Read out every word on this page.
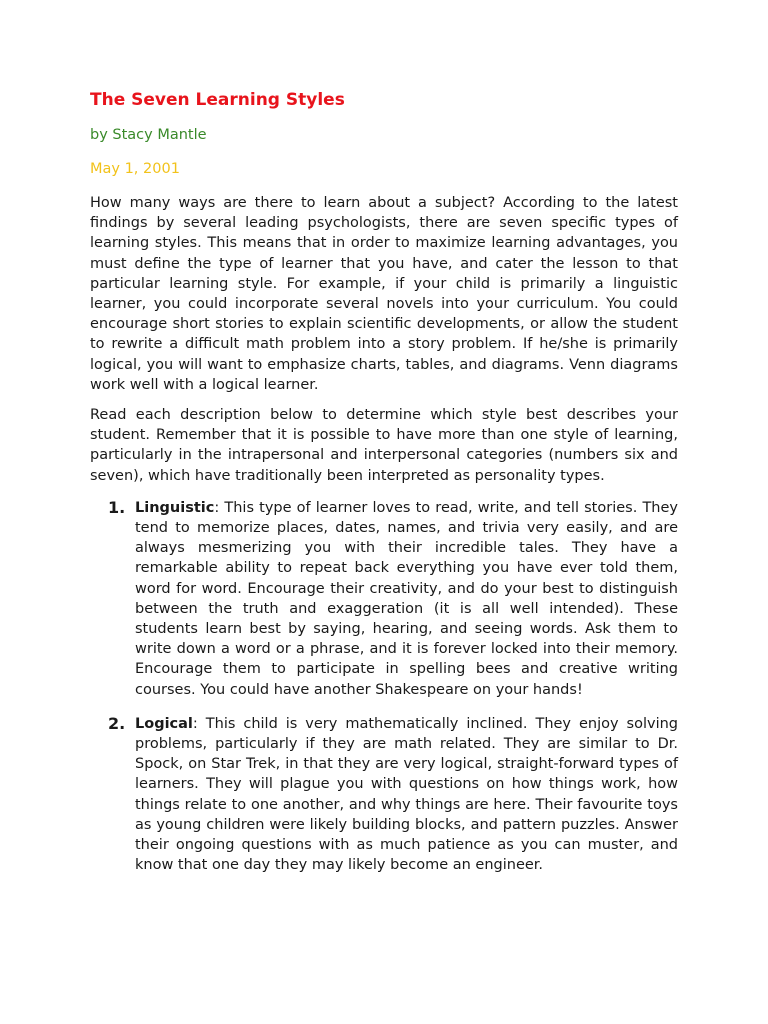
The Seven Learning Styles
by Stacy Mantle
May 1, 2001

How many ways are there to learn about a subject? According to the latest findings by several leading psychologists, there are seven specific types of learning styles. This means that in order to maximize learning advantages, you must define the type of learner that you have, and cater the lesson to that particular learning style. For example, if your child is primarily a linguistic learner, you could incorporate several novels into your curriculum. You could encourage short stories to explain scientific developments, or allow the student to rewrite a difficult math problem into a story problem. If he/she is primarily logical, you will want to emphasize charts, tables, and diagrams. Venn diagrams work well with a logical learner.

Read each description below to determine which style best describes your student. Remember that it is possible to have more than one style of learning, particularly in the intrapersonal and interpersonal categories (numbers six and seven), which have traditionally been interpreted as personality types.

1. Linguistic: This type of learner loves to read, write, and tell stories. They tend to memorize places, dates, names, and trivia very easily, and are always mesmerizing you with their incredible tales. They have a remarkable ability to repeat back everything you have ever told them, word for word. Encourage their creativity, and do your best to distinguish between the truth and exaggeration (it is all well intended). These students learn best by saying, hearing, and seeing words. Ask them to write down a word or a phrase, and it is forever locked into their memory. Encourage them to participate in spelling bees and creative writing courses. You could have another Shakespeare on your hands!

2. Logical: This child is very mathematically inclined. They enjoy solving problems, particularly if they are math related. They are similar to Dr. Spock, on Star Trek, in that they are very logical, straight-forward types of learners. They will plague you with questions on how things work, how things relate to one another, and why things are here. Their favourite toys as young children were likely building blocks, and pattern puzzles. Answer their ongoing questions with as much patience as you can muster, and know that one day they may likely become an engineer.
